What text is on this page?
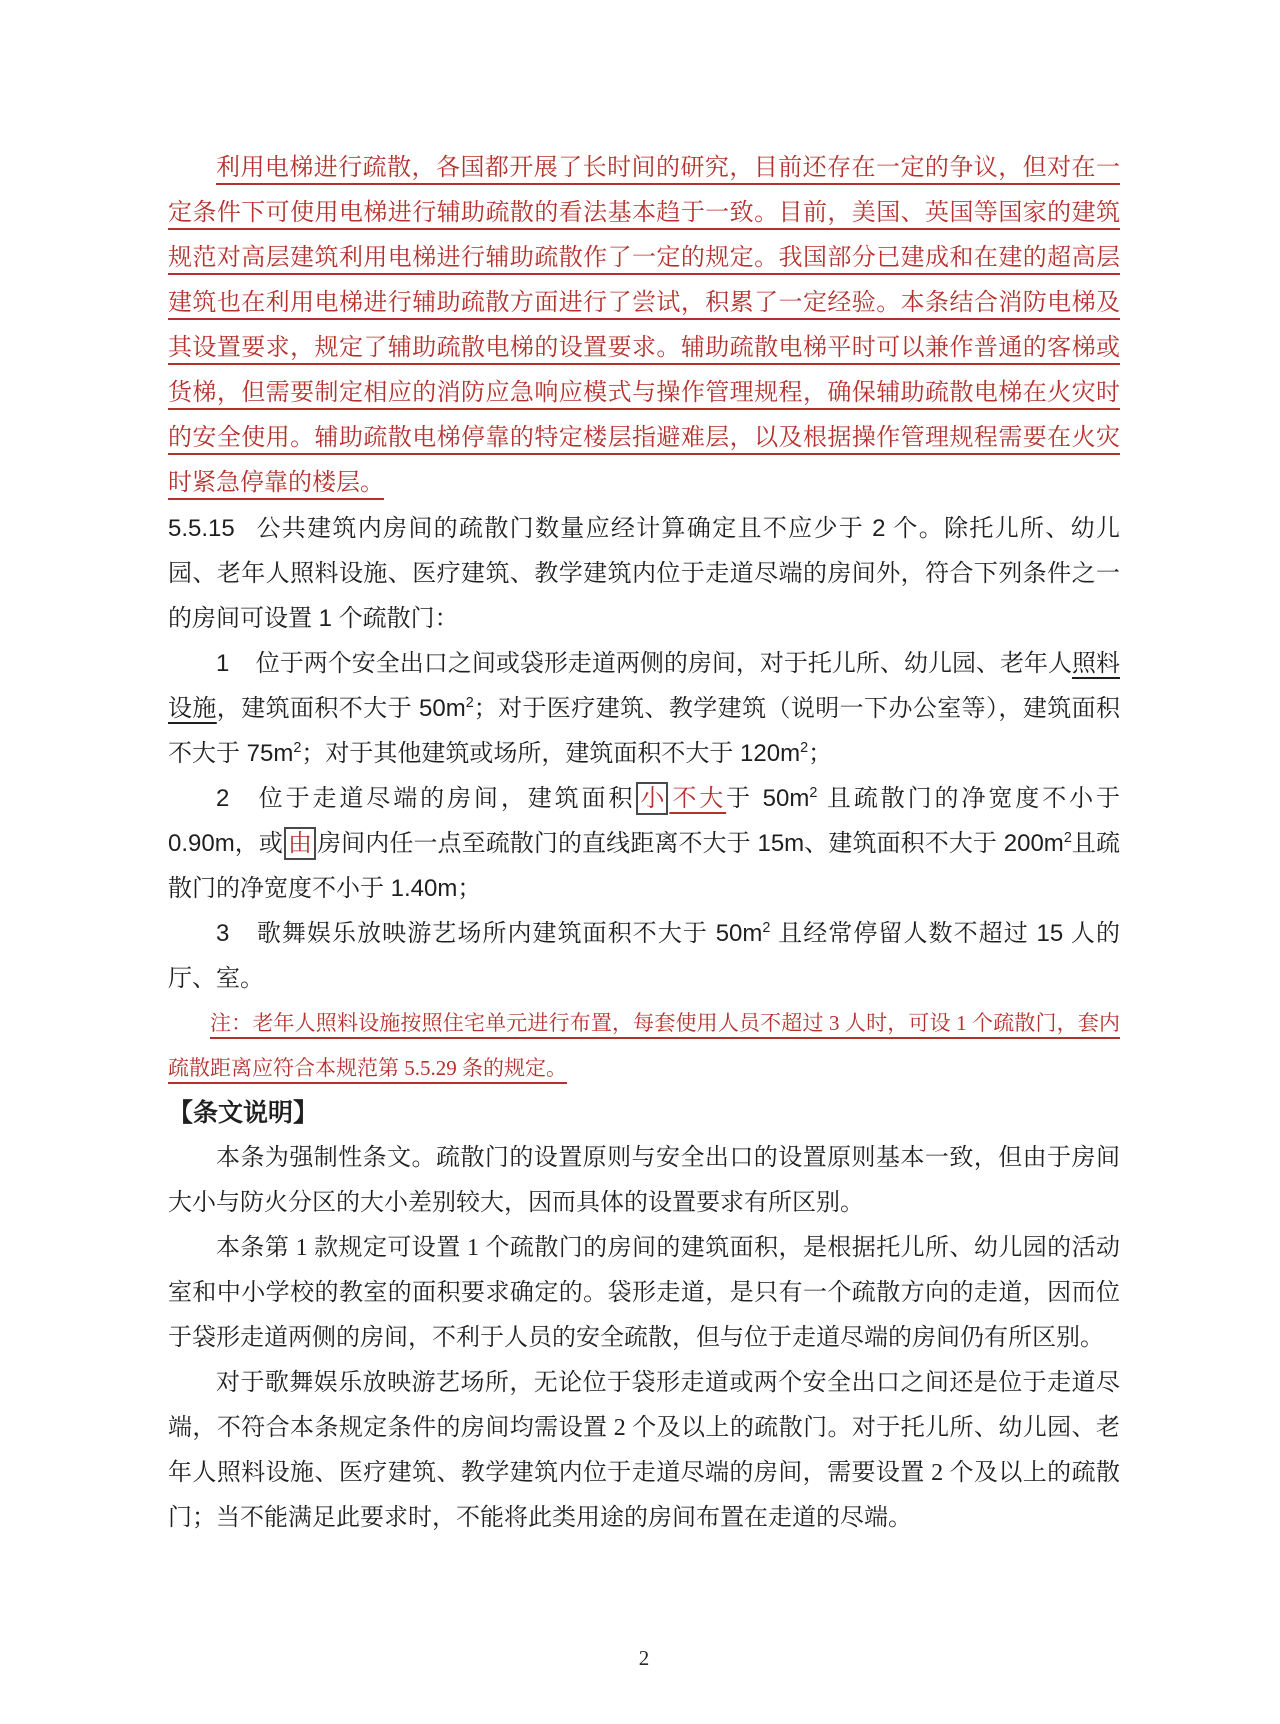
利用电梯进行疏散，各国都开展了长时间的研究，目前还存在一定的争议，但对在一定条件下可使用电梯进行辅助疏散的看法基本趋于一致。目前，美国、英国等国家的建筑规范对高层建筑利用电梯进行辅助疏散作了一定的规定。我国部分已建成和在建的超高层建筑也在利用电梯进行辅助疏散方面进行了尝试，积累了一定经验。本条结合消防电梯及其设置要求，规定了辅助疏散电梯的设置要求。辅助疏散电梯平时可以兼作普通的客梯或货梯，但需要制定相应的消防应急响应模式与操作管理规程，确保辅助疏散电梯在火灾时的安全使用。辅助疏散电梯停靠的特定楼层指避难层，以及根据操作管理规程需要在火灾时紧急停靠的楼层。

5.5.15 公共建筑内房间的疏散门数量应经计算确定且不应少于 2 个。除托儿所、幼儿园、老年人照料设施、医疗建筑、教学建筑内位于走道尽端的房间外，符合下列条件之一的房间可设置 1 个疏散门：

1 位于两个安全出口之间或袋形走道两侧的房间，对于托儿所、幼儿园、老年人照料设施，建筑面积不大于 $50m^2$；对于医疗建筑、教学建筑（说明一下办公室等），建筑面积不大于 $75m^2$；对于其他建筑或场所，建筑面积不大于 $120m^2$；

2 位于走道尽端的房间，建筑面积 小 不大于 $50m^2$ 且疏散门的净宽度不小于 0.90m，或 由 房间内任一点至疏散门的直线距离不大于 15m、建筑面积不大于 $200m^2$且疏散门的净宽度不小于 1.40m；

3 歌舞娱乐放映游艺场所内建筑面积不大于 $50m^2$ 且经常停留人数不超过 15 人的厅、室。

注：老年人照料设施按照住宅单元进行布置，每套使用人员不超过 3 人时，可设 1 个疏散门，套内疏散距离应符合本规范第 5.5.29 条的规定。

【条文说明】

本条为强制性条文。疏散门的设置原则与安全出口的设置原则基本一致，但由于房间大小与防火分区的大小差别较大，因而具体的设置要求有所区别。

本条第 1 款规定可设置 1 个疏散门的房间的建筑面积，是根据托儿所、幼儿园的活动室和中小学校的教室的面积要求确定的。袋形走道，是只有一个疏散方向的走道，因而位于袋形走道两侧的房间，不利于人员的安全疏散，但与位于走道尽端的房间仍有所区别。

对于歌舞娱乐放映游艺场所，无论位于袋形走道或两个安全出口之间还是位于走道尽端，不符合本条规定条件的房间均需设置 2 个及以上的疏散门。对于托儿所、幼儿园、老年人照料设施、医疗建筑、教学建筑内位于走道尽端的房间，需要设置 2 个及以上的疏散门；当不能满足此要求时，不能将此类用途的房间布置在走道的尽端。

2
